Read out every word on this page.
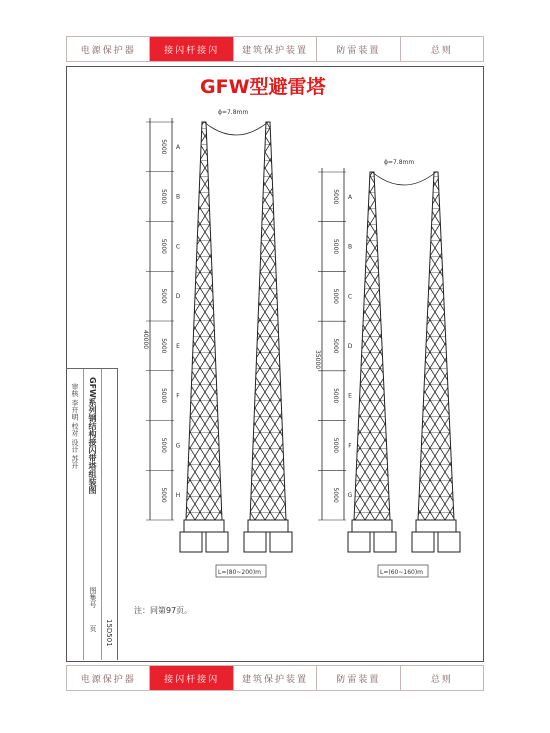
电源保护器	接闪杆接闪	建筑保护装置	防雷装置	总则
GFW型避雷塔
ϕ=7.8mm
40000
5000 A
5000 B
5000 C
5000 D
5000 E
5000 F
5000 G
5000 H
L=(80~200)m
ϕ=7.8mm
35000
5000 A
5000 B
5000 C
5000 D
5000 E
5000 F
5000 G
L=(60~160)m
审核 李开明 校对 设计 苏开 GFW系列钢结构接闪带塔组装图
图集号
页 15D501
注：同第97页。
电源保护器	接闪杆接闪	建筑保护装置	防雷装置	总则
